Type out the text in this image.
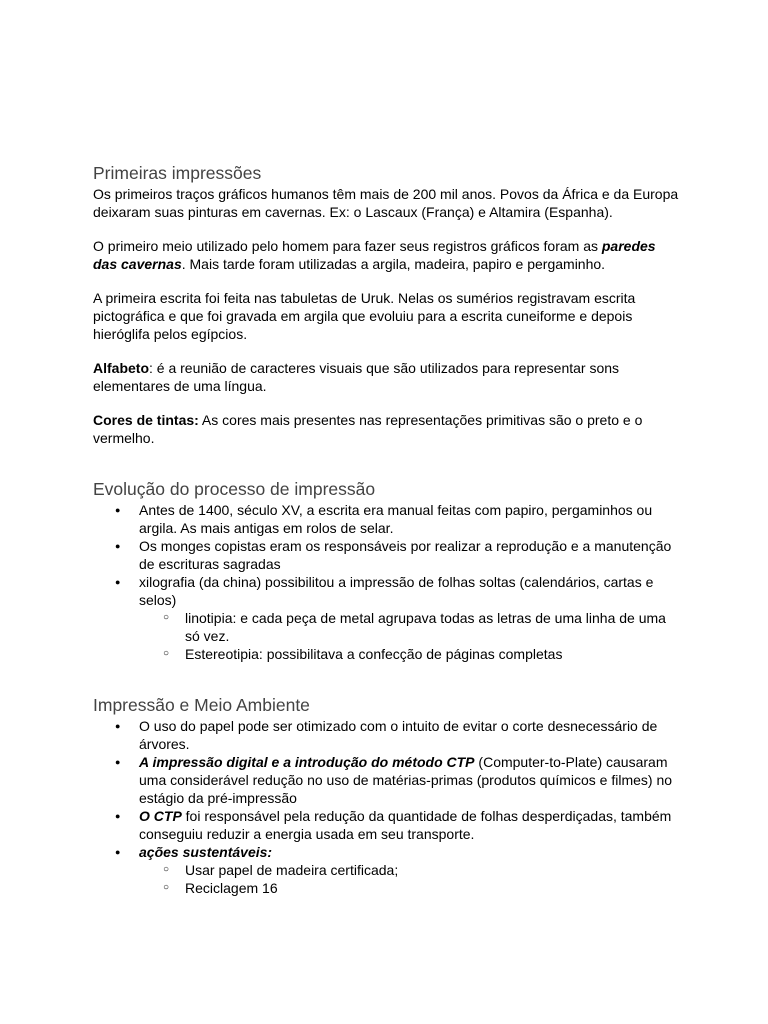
Primeiras impressões

Os primeiros traços gráficos humanos têm mais de 200 mil anos. Povos da África e da Europa deixaram suas pinturas em cavernas. Ex: o Lascaux (França) e Altamira (Espanha).

O primeiro meio utilizado pelo homem para fazer seus registros gráficos foram as paredes das cavernas. Mais tarde foram utilizadas a argila, madeira, papiro e pergaminho.

A primeira escrita foi feita nas tabuletas de Uruk. Nelas os sumérios registravam escrita pictográfica e que foi gravada em argila que evoluiu para a escrita cuneiforme e depois hieróglifa pelos egípcios.

Alfabeto: é a reunião de caracteres visuais que são utilizados para representar sons elementares de uma língua.

Cores de tintas: As cores mais presentes nas representações primitivas são o preto e o vermelho.

Evolução do processo de impressão
● Antes de 1400, século XV, a escrita era manual feitas com papiro, pergaminhos ou argila. As mais antigas em rolos de selar.
● Os monges copistas eram os responsáveis por realizar a reprodução e a manutenção de escrituras sagradas
● xilografia (da china) possibilitou a impressão de folhas soltas (calendários, cartas e selos)
○ linotipia: e cada peça de metal agrupava todas as letras de uma linha de uma só vez.
○ Estereotipia: possibilitava a confecção de páginas completas
Impressão e Meio Ambiente
● O uso do papel pode ser otimizado com o intuito de evitar o corte desnecessário de árvores.
● A impressão digital e a introdução do método CTP (Computer-to-Plate) causaram uma considerável redução no uso de matérias-primas (produtos químicos e filmes) no estágio da pré-impressão
● O CTP foi responsável pela redução da quantidade de folhas desperdiçadas, também conseguiu reduzir a energia usada em seu transporte.
● ações sustentáveis:
○ Usar papel de madeira certificada;
○ Reciclagem 16
